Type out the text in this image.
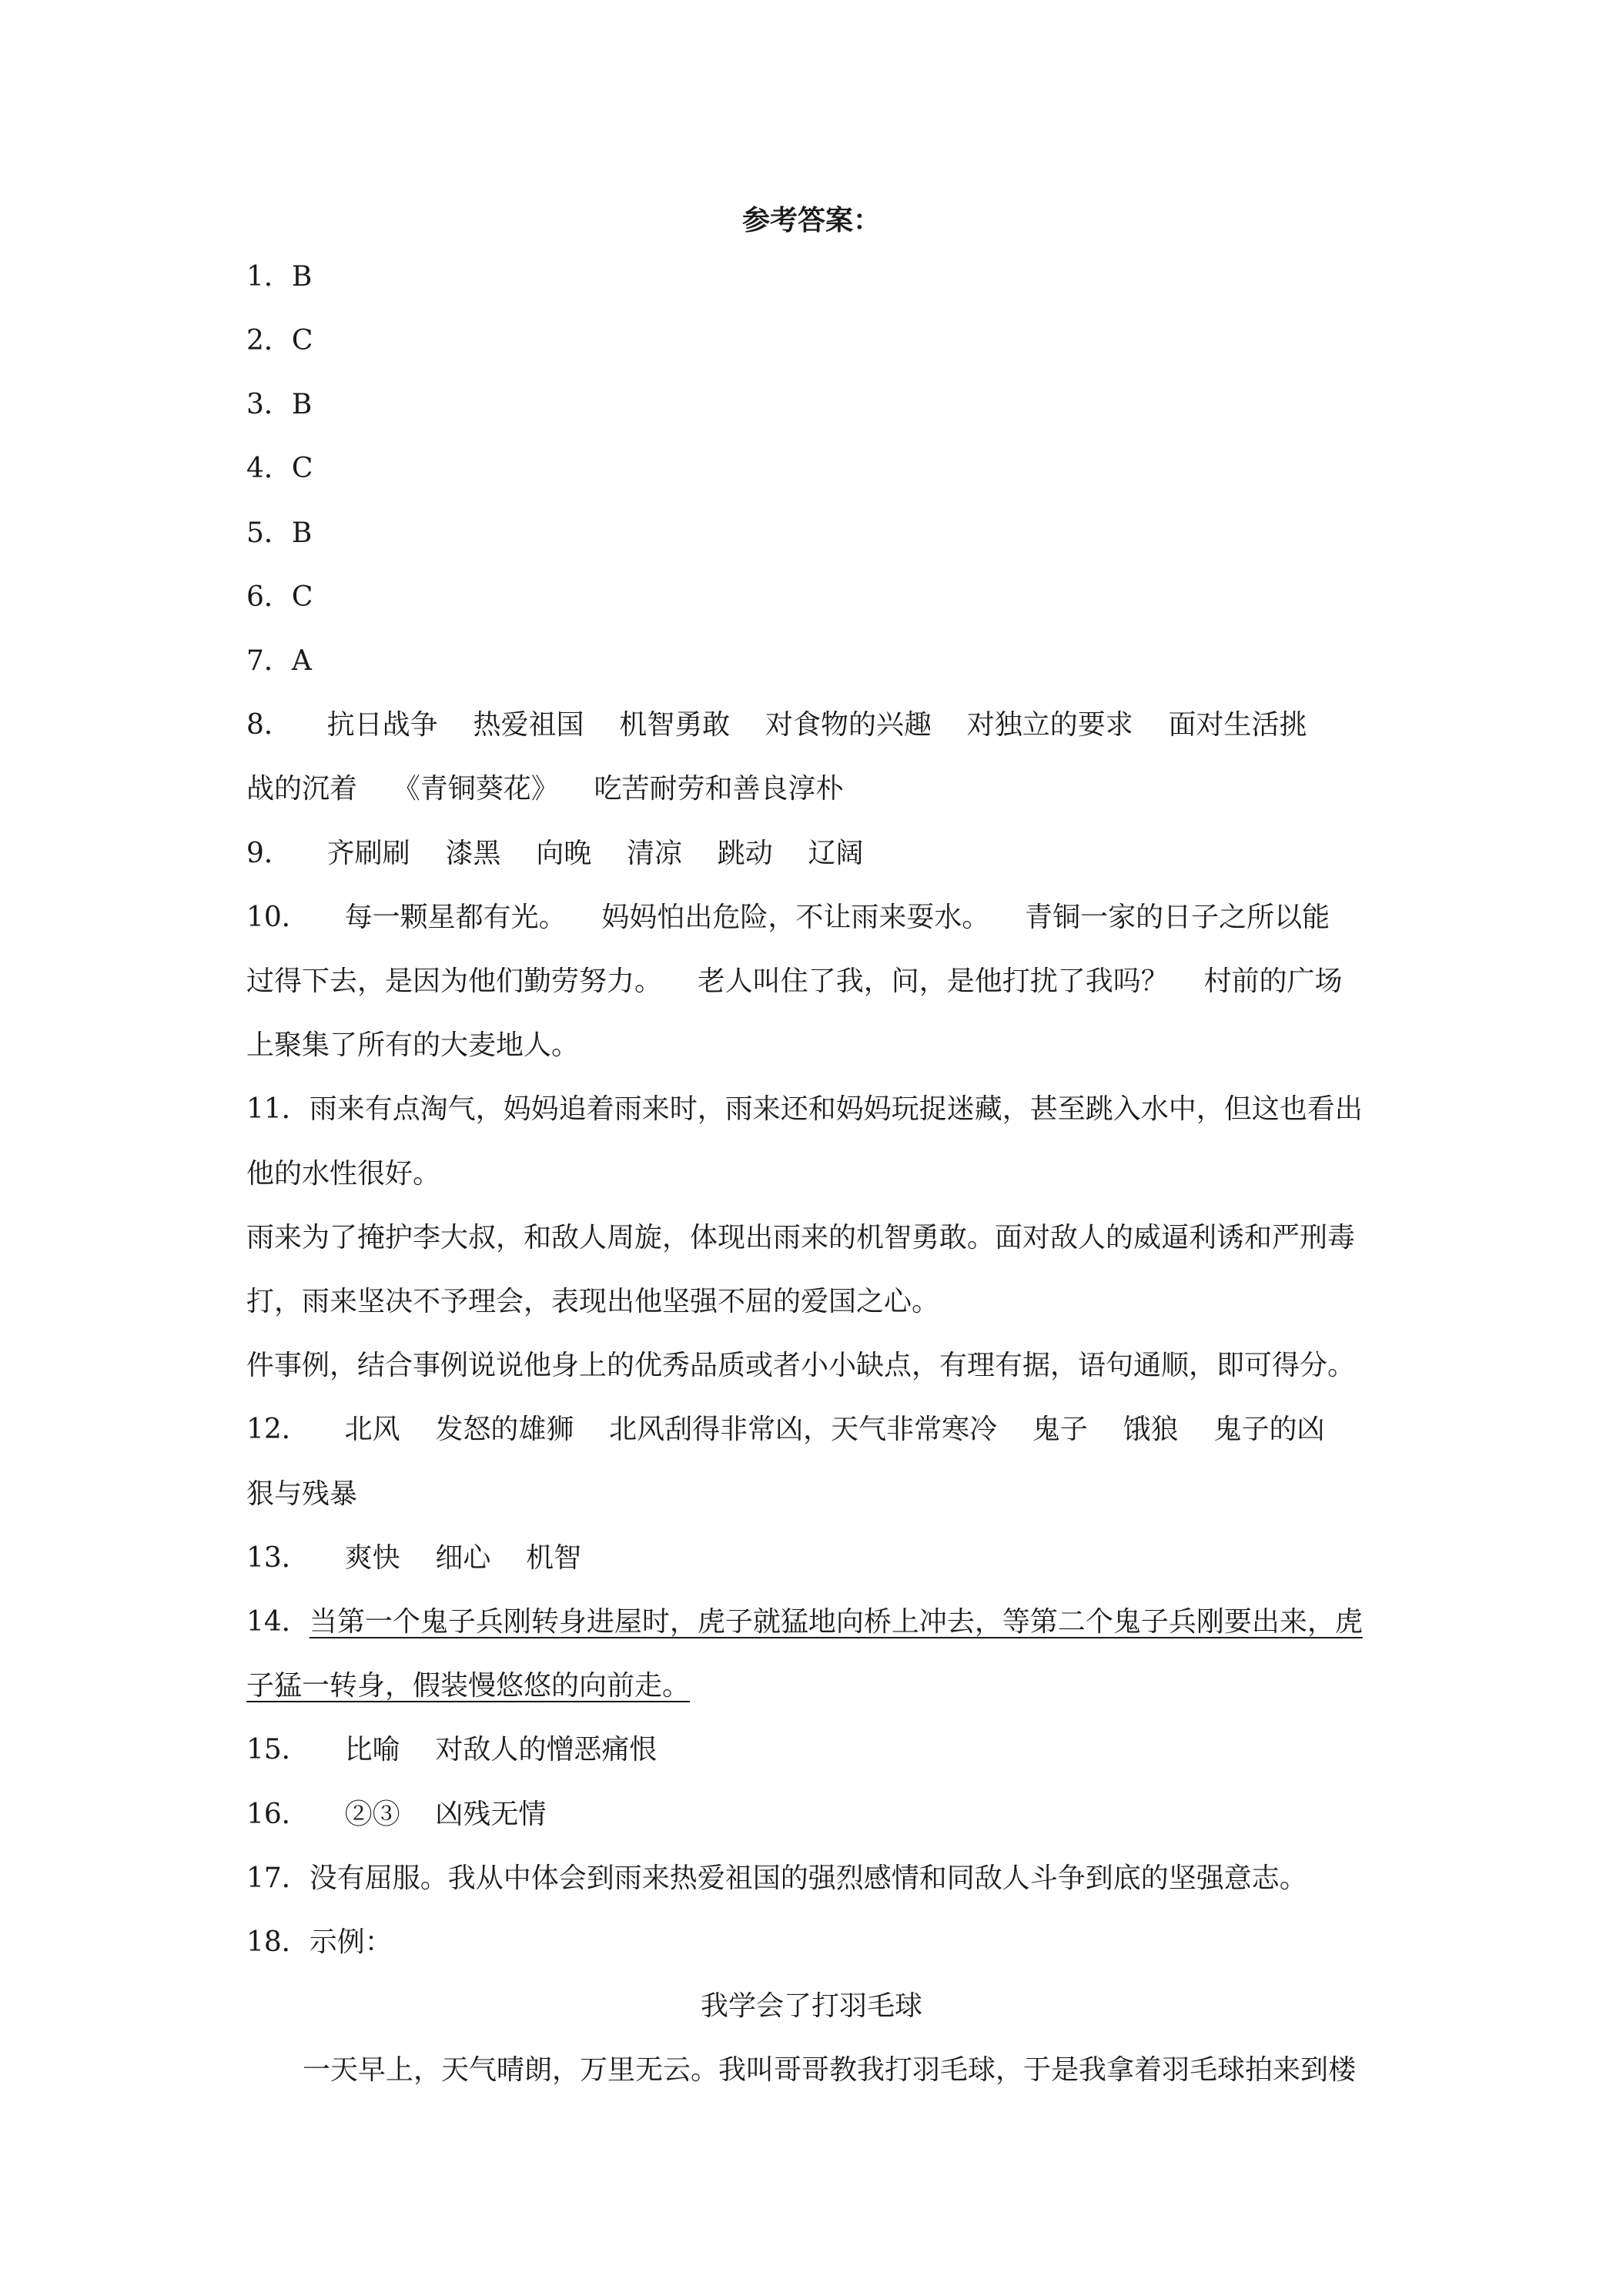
参考答案：
1．B
2．C
3．B
4．C
5．B
6．C
7．A
8．    抗日战争    热爱祖国    机智勇敢    对食物的兴趣    对独立的要求    面对生活挑
战的沉着    《青铜葵花》    吃苦耐劳和善良淳朴
9．    齐刷刷    漆黑    向晚    清凉    跳动    辽阔
10．    每一颗星都有光。    妈妈怕出危险，不让雨来耍水。    青铜一家的日子之所以能
过得下去，是因为他们勤劳努力。    老人叫住了我，问，是他打扰了我吗？    村前的广场
上聚集了所有的大麦地人。
11．雨来有点淘气，妈妈追着雨来时，雨来还和妈妈玩捉迷藏，甚至跳入水中，但这也看出
他的水性很好。
雨来为了掩护李大叔，和敌人周旋，体现出雨来的机智勇敢。面对敌人的威逼利诱和严刑毒
打，雨来坚决不予理会，表现出他坚强不屈的爱国之心。
件事例，结合事例说说他身上的优秀品质或者小小缺点，有理有据，语句通顺，即可得分。
12．    北风    发怒的雄狮    北风刮得非常凶，天气非常寒冷    鬼子    饿狼    鬼子的凶
狠与残暴
13．    爽快    细心    机智
14．当第一个鬼子兵刚转身进屋时，虎子就猛地向桥上冲去，等第二个鬼子兵刚要出来，虎
子猛一转身，假装慢悠悠的向前走。
15．    比喻    对敌人的憎恶痛恨
16．    ②③    凶残无情
17．没有屈服。我从中体会到雨来热爱祖国的强烈感情和同敌人斗争到底的坚强意志。
18．示例：
我学会了打羽毛球
一天早上，天气晴朗，万里无云。我叫哥哥教我打羽毛球，于是我拿着羽毛球拍来到楼
